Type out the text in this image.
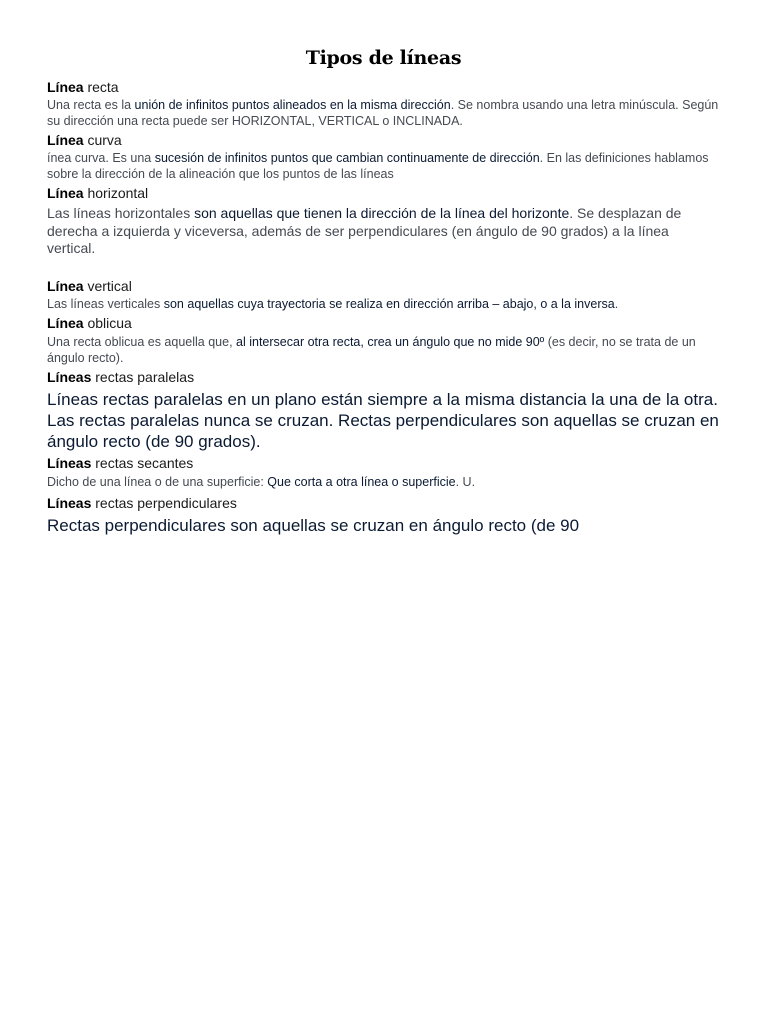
Tipos de líneas

Línea recta

Una recta es la unión de infinitos puntos alineados en la misma dirección. Se nombra usando una letra minúscula. Según su dirección una recta puede ser HORIZONTAL, VERTICAL o INCLINADA.

Línea curva

ínea curva. Es una sucesión de infinitos puntos que cambian continuamente de dirección. En las definiciones hablamos sobre la dirección de la alineación que los puntos de las líneas

Línea horizontal

Las líneas horizontales son aquellas que tienen la dirección de la línea del horizonte. Se desplazan de derecha a izquierda y viceversa, además de ser perpendiculares (en ángulo de 90 grados) a la línea vertical.

Línea vertical

Las líneas verticales son aquellas cuya trayectoria se realiza en dirección arriba – abajo, o a la inversa.

Línea oblicua

Una recta oblicua es aquella que, al intersecar otra recta, crea un ángulo que no mide 90º (es decir, no se trata de un ángulo recto).

Líneas rectas paralelas

Líneas rectas paralelas en un plano están siempre a la misma distancia la una de la otra. Las rectas paralelas nunca se cruzan. Rectas perpendiculares son aquellas se cruzan en ángulo recto (de 90 grados).

Líneas rectas secantes

Dicho de una línea o de una superficie: Que corta a otra línea o superficie. U.

Líneas rectas perpendiculares

Rectas perpendiculares son aquellas se cruzan en ángulo recto (de 90
